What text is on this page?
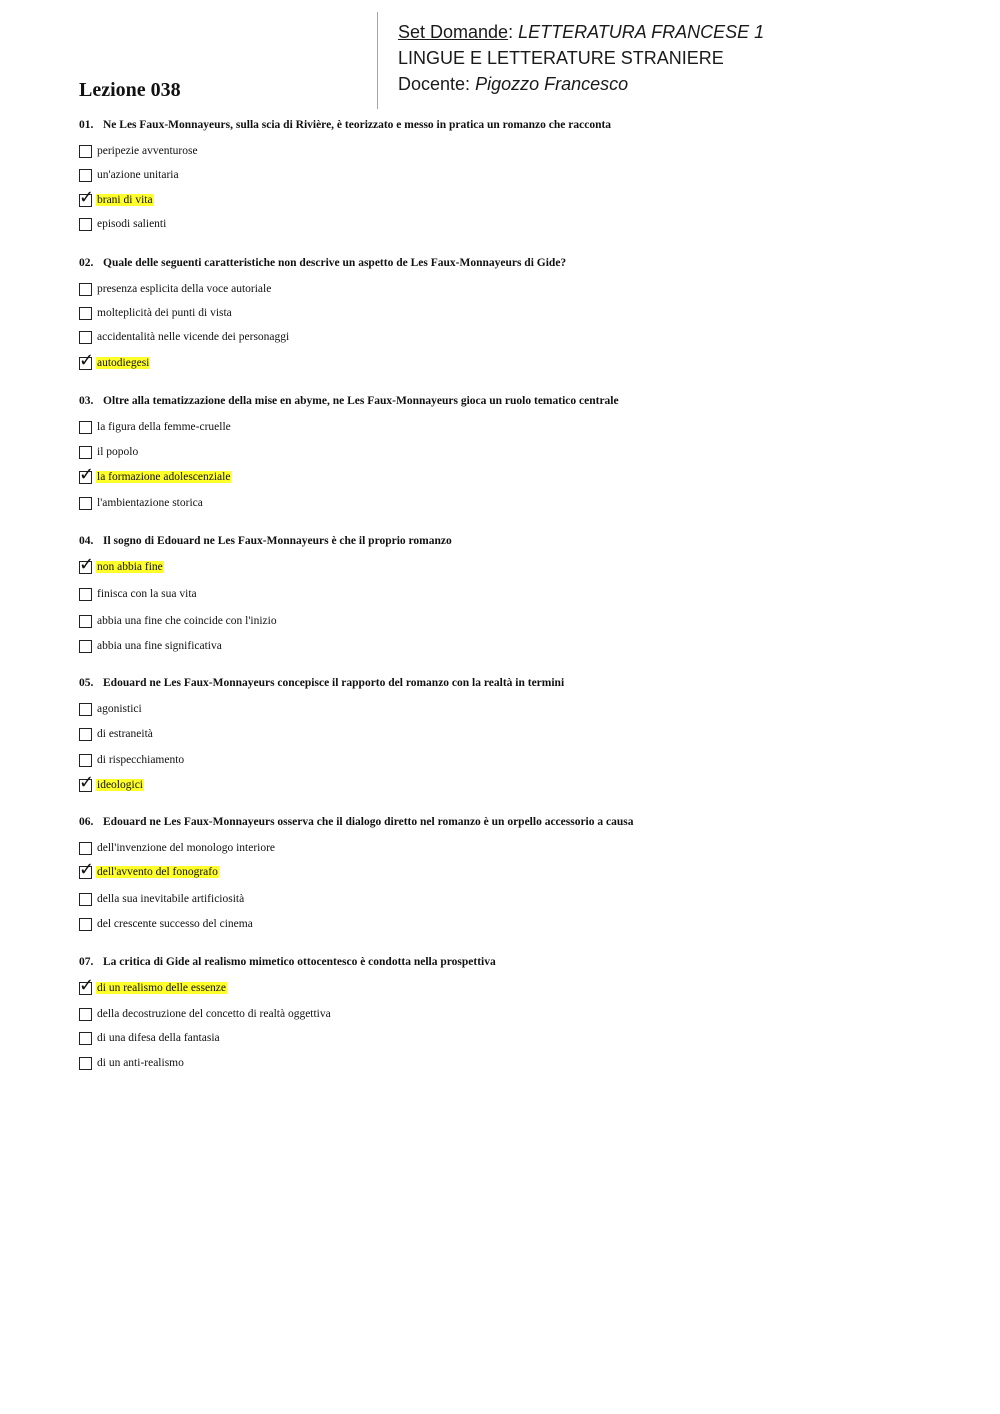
Set Domande: LETTERATURA FRANCESE 1
LINGUE E LETTERATURE STRANIERE
Docente: Pigozzo Francesco
Lezione 038
01. Ne Les Faux-Monnayeurs, sulla scia di Rivière, è teorizzato e messo in pratica un romanzo che racconta
peripezie avventurose
un'azione unitaria
✓ brani di vita
episodi salienti
02. Quale delle seguenti caratteristiche non descrive un aspetto de Les Faux-Monnayeurs di Gide?
presenza esplicita della voce autoriale
molteplicità dei punti di vista
accidentalità nelle vicende dei personaggi
✓ autodiegesi
03. Oltre alla tematizzazione della mise en abyme, ne Les Faux-Monnayeurs gioca un ruolo tematico centrale
la figura della femme-cruelle
il popolo
✓ la formazione adolescenziale
l'ambientazione storica
04. Il sogno di Edouard ne Les Faux-Monnayeurs è che il proprio romanzo
✓ non abbia fine
finisca con la sua vita
abbia una fine che coincide con l'inizio
abbia una fine significativa
05. Edouard ne Les Faux-Monnayeurs concepisce il rapporto del romanzo con la realtà in termini
agonistici
di estraneità
di rispecchiamento
✓ ideologici
06. Edouard ne Les Faux-Monnayeurs osserva che il dialogo diretto nel romanzo è un orpello accessorio a causa
dell'invenzione del monologo interiore
✓ dell'avvento del fonografo
della sua inevitabile artificiosità
del crescente successo del cinema
07. La critica di Gide al realismo mimetico ottocentesco è condotta nella prospettiva
✓ di un realismo delle essenze
della decostruzione del concetto di realtà oggettiva
di una difesa della fantasia
di un anti-realismo
